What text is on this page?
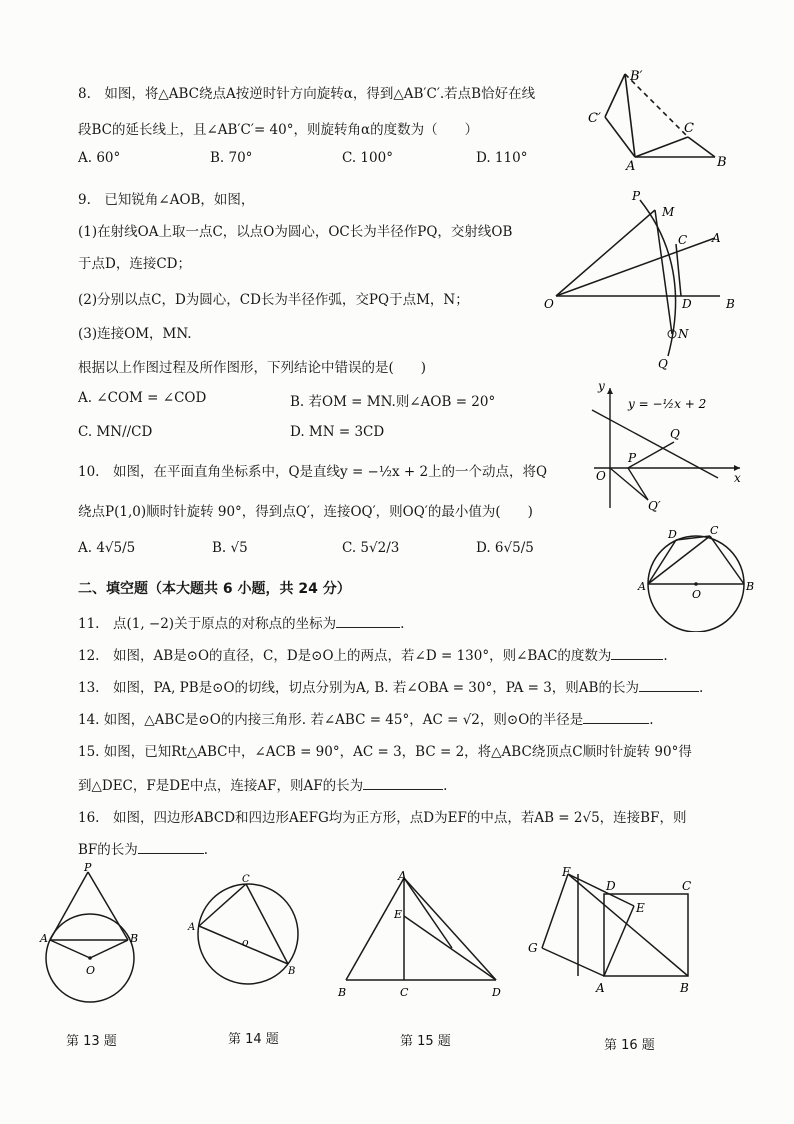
8.　如图，将△ABC绕点A按逆时针方向旋转α，得到△AB′C′.若点B恰好在线
段BC的延长线上，且∠AB′C′= 40°，则旋转角α的度数为（　　）
A. 60°	B. 70°	C. 100°	D. 110°
B′
C′
C
A	B
9.　已知锐角∠AOB，如图，
(1)在射线OA上取一点C，以点O为圆心，OC长为半径作PQ，交射线OB
于点D，连接CD；
(2)分别以点C，D为圆心，CD长为半径作弧，交PQ于点M，N；
(3)连接OM，MN.
根据以上作图过程及所作图形，下列结论中错误的是(　　)
A. ∠COM = ∠COD	B. 若OM = MN.则∠AOB = 20°
C. MN//CD	D. MN = 3CD
P
M
C A
O	D	B
N
Q
10.　如图，在平面直角坐标系中，Q是直线y = −½x + 2上的一个动点，将Q
绕点P(1,0)顺时针旋转 90°，得到点Q′，连接OQ′，则OQ′的最小值为(　　)
A. 4√5/5	B. √5	C. 5√2/3	D. 6√5/5
y
y = −½x + 2
Q
O
P
x
Q′
D	C
A
O
B
二、填空题（本大题共 6 小题，共 24 分）
11.　点(1, −2)关于原点的对称点的坐标为	.
12.　如图，AB是⊙O的直径，C，D是⊙O上的两点，若∠D = 130°，则∠BAC的度数为	.
13.　如图，PA, PB是⊙O的切线，切点分别为A, B. 若∠OBA = 30°，PA = 3，则AB的长为	.
14. 如图，△ABC是⊙O的内接三角形. 若∠ABC = 45°，AC = √2，则⊙O的半径是	.
15. 如图，已知Rt△ABC中，∠ACB = 90°，AC = 3，BC = 2，将△ABC绕顶点C顺时针旋转 90°得
到△DEC，F是DE中点，连接AF，则AF的长为	.
16.　如图，四边形ABCD和四边形AEFG均为正方形，点D为EF的中点，若AB = 2√5，连接BF，则
BF的长为	.
P
A	B
O
C
A
o
B
A
E
B	C	D
F
D	C
E
G
A	B
第 13 题	第 14 题	第 15 题	第 16 题
